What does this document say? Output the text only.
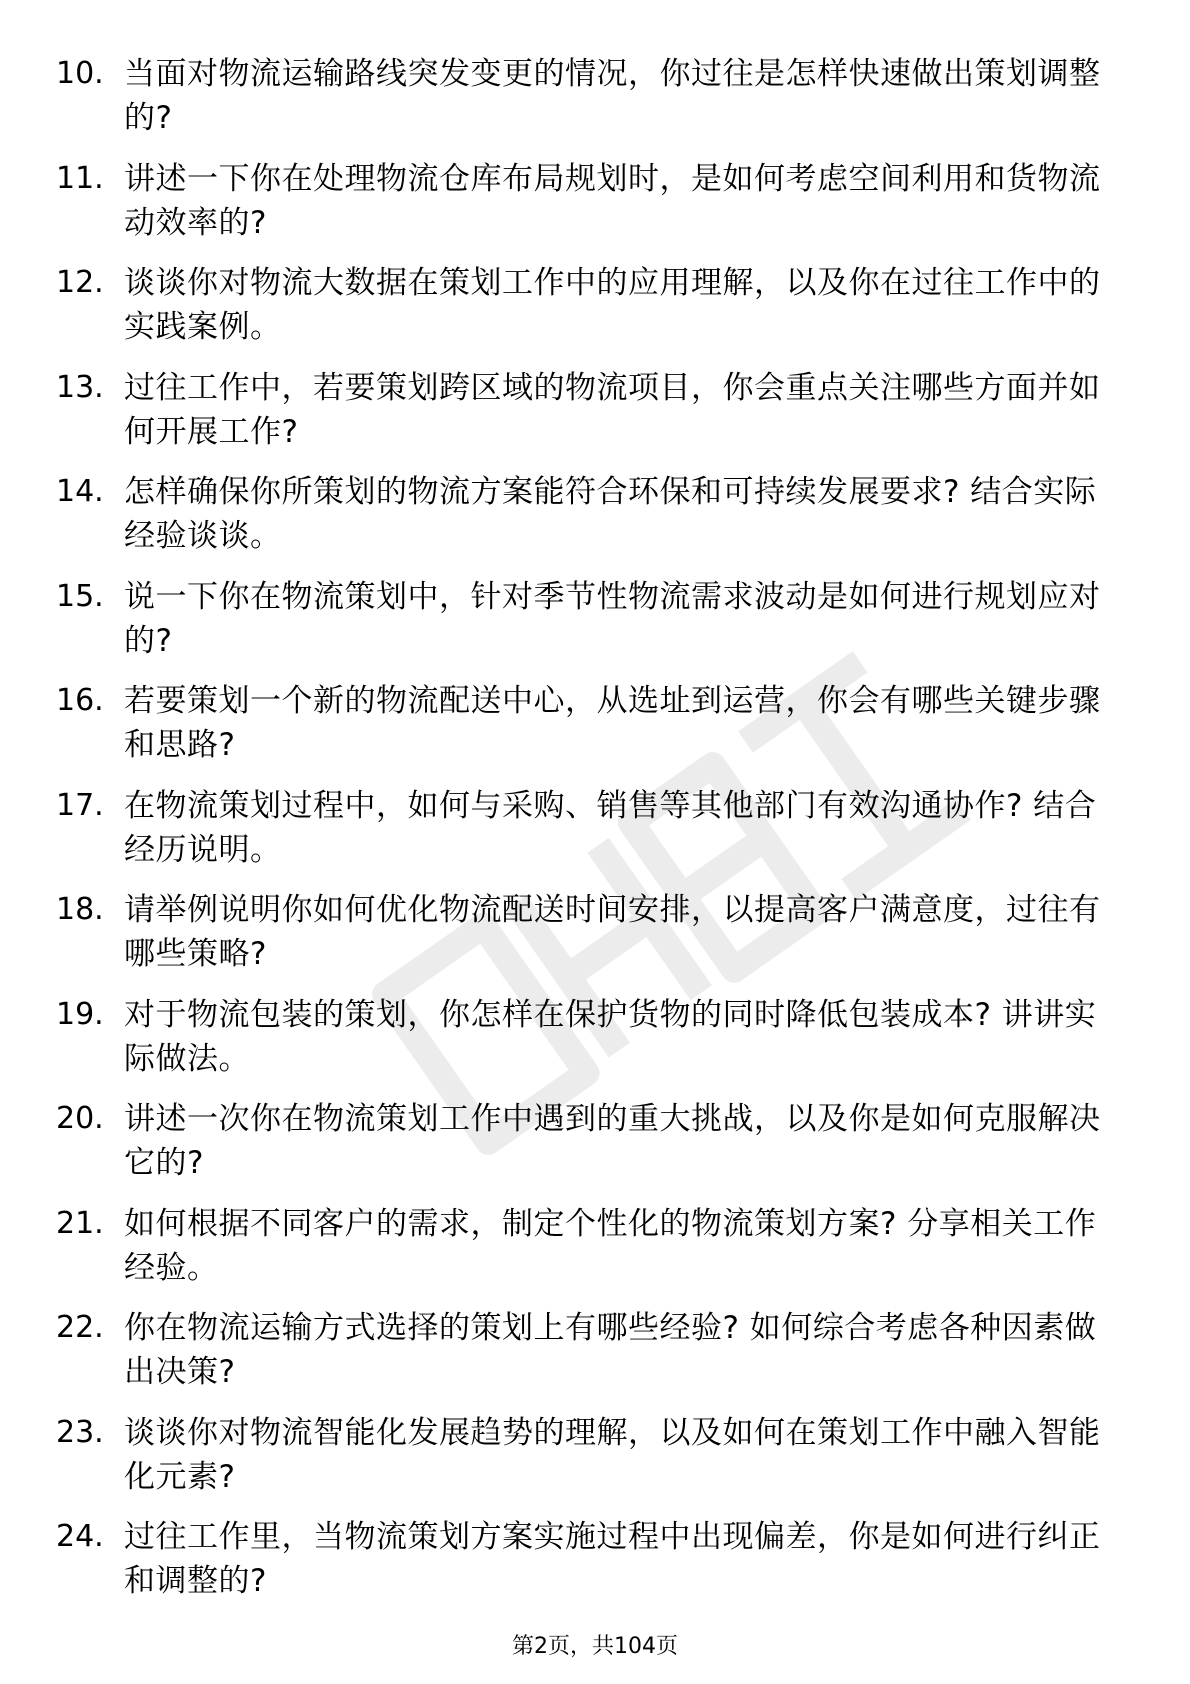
10. 当面对物流运输路线突发变更的情况，你过往是怎样快速做出策划调整的?
11. 讲述一下你在处理物流仓库布局规划时，是如何考虑空间利用和货物流动效率的?
12. 谈谈你对物流大数据在策划工作中的应用理解，以及你在过往工作中的实践案例。
13. 过往工作中，若要策划跨区域的物流项目，你会重点关注哪些方面并如何开展工作?
14. 怎样确保你所策划的物流方案能符合环保和可持续发展要求? 结合实际经验谈谈。
15. 说一下你在物流策划中，针对季节性物流需求波动是如何进行规划应对的?
16. 若要策划一个新的物流配送中心，从选址到运营，你会有哪些关键步骤和思路?
17. 在物流策划过程中，如何与采购、销售等其他部门有效沟通协作? 结合经历说明。
18. 请举例说明你如何优化物流配送时间安排，以提高客户满意度，过往有哪些策略?
19. 对于物流包装的策划，你怎样在保护货物的同时降低包装成本? 讲讲实际做法。
20. 讲述一次你在物流策划工作中遇到的重大挑战，以及你是如何克服解决它的?
21. 如何根据不同客户的需求，制定个性化的物流策划方案? 分享相关工作经验。
22. 你在物流运输方式选择的策划上有哪些经验? 如何综合考虑各种因素做出决策?
23. 谈谈你对物流智能化发展趋势的理解，以及如何在策划工作中融入智能化元素?
24. 过往工作里，当物流策划方案实施过程中出现偏差，你是如何进行纠正和调整的?
第2页，共104页
